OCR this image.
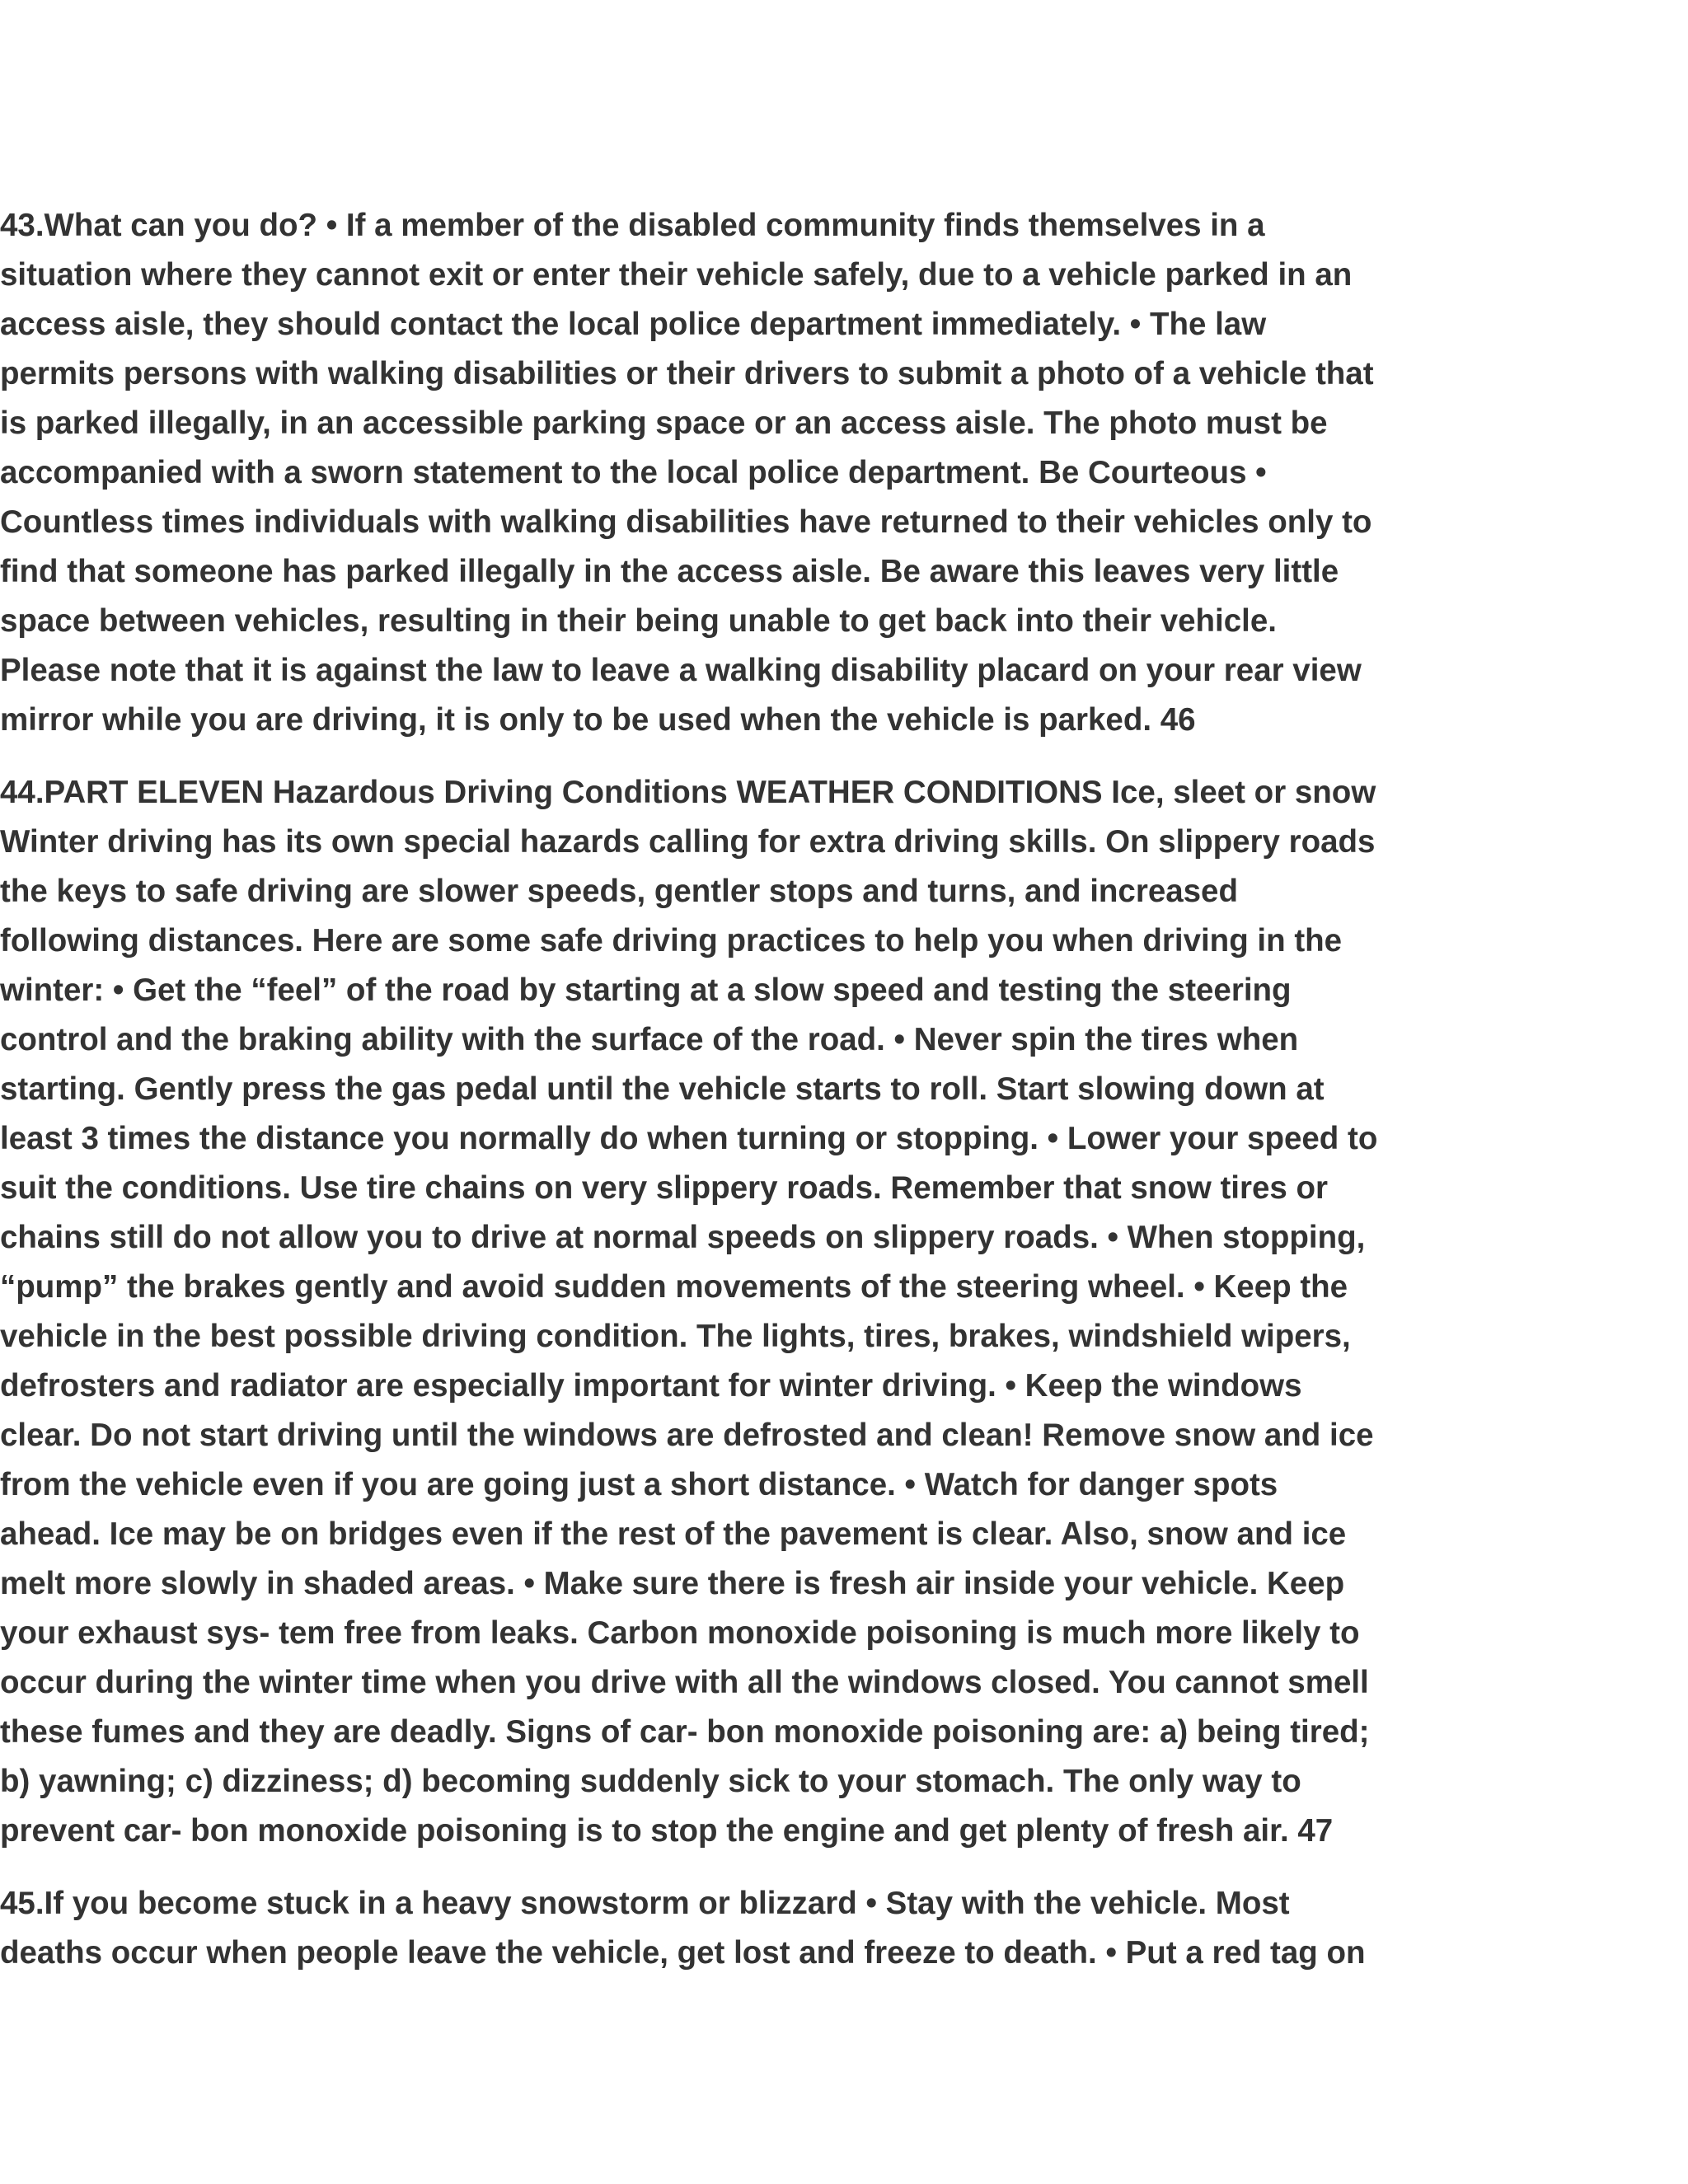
43.What can you do? • If a member of the disabled community finds themselves in a
situation where they cannot exit or enter their vehicle safely, due to a vehicle parked in an
access aisle, they should contact the local police department immediately. • The law
permits persons with walking disabilities or their drivers to submit a photo of a vehicle that
is parked illegally, in an accessible parking space or an access aisle. The photo must be
accompanied with a sworn statement to the local police department. Be Courteous •
Countless times individuals with walking disabilities have returned to their vehicles only to
find that someone has parked illegally in the access aisle. Be aware this leaves very little
space between vehicles, resulting in their being unable to get back into their vehicle.
Please note that it is against the law to leave a walking disability placard on your rear view
mirror while you are driving, it is only to be used when the vehicle is parked. 46

44.PART ELEVEN Hazardous Driving Conditions WEATHER CONDITIONS Ice, sleet or snow
Winter driving has its own special hazards calling for extra driving skills. On slippery roads
the keys to safe driving are slower speeds, gentler stops and turns, and increased
following distances. Here are some safe driving practices to help you when driving in the
winter: • Get the “feel” of the road by starting at a slow speed and testing the steering
control and the braking ability with the surface of the road. • Never spin the tires when
starting. Gently press the gas pedal until the vehicle starts to roll. Start slowing down at
least 3 times the distance you normally do when turning or stopping. • Lower your speed to
suit the conditions. Use tire chains on very slippery roads. Remember that snow tires or
chains still do not allow you to drive at normal speeds on slippery roads. • When stopping,
“pump” the brakes gently and avoid sudden movements of the steering wheel. • Keep the
vehicle in the best possible driving condition. The lights, tires, brakes, windshield wipers,
defrosters and radiator are especially important for winter driving. • Keep the windows
clear. Do not start driving until the windows are defrosted and clean! Remove snow and ice
from the vehicle even if you are going just a short distance. • Watch for danger spots
ahead. Ice may be on bridges even if the rest of the pavement is clear. Also, snow and ice
melt more slowly in shaded areas. • Make sure there is fresh air inside your vehicle. Keep
your exhaust sys- tem free from leaks. Carbon monoxide poisoning is much more likely to
occur during the winter time when you drive with all the windows closed. You cannot smell
these fumes and they are deadly. Signs of car- bon monoxide poisoning are: a) being tired;
b) yawning; c) dizziness; d) becoming suddenly sick to your stomach. The only way to
prevent car- bon monoxide poisoning is to stop the engine and get plenty of fresh air. 47

45.If you become stuck in a heavy snowstorm or blizzard • Stay with the vehicle. Most
deaths occur when people leave the vehicle, get lost and freeze to death. • Put a red tag on
